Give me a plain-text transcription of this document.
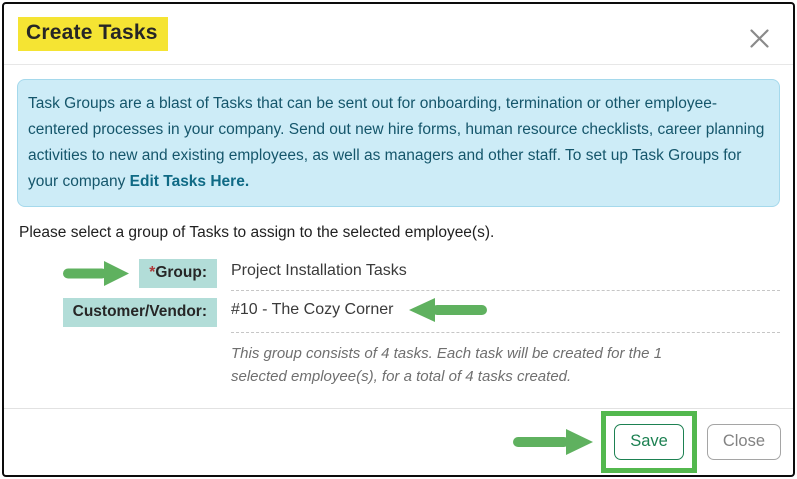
Create Tasks
Task Groups are a blast of Tasks that can be sent out for onboarding, termination or other employee-centered processes in your company. Send out new hire forms, human resource checklists, career planning activities to new and existing employees, as well as managers and other staff. To set up Task Groups for your company Edit Tasks Here.
Please select a group of Tasks to assign to the selected employee(s).
*Group:	Project Installation Tasks
Customer/Vendor:	#10 - The Cozy Corner
This group consists of 4 tasks. Each task will be created for the 1 selected employee(s), for a total of 4 tasks created.
Save	Close
